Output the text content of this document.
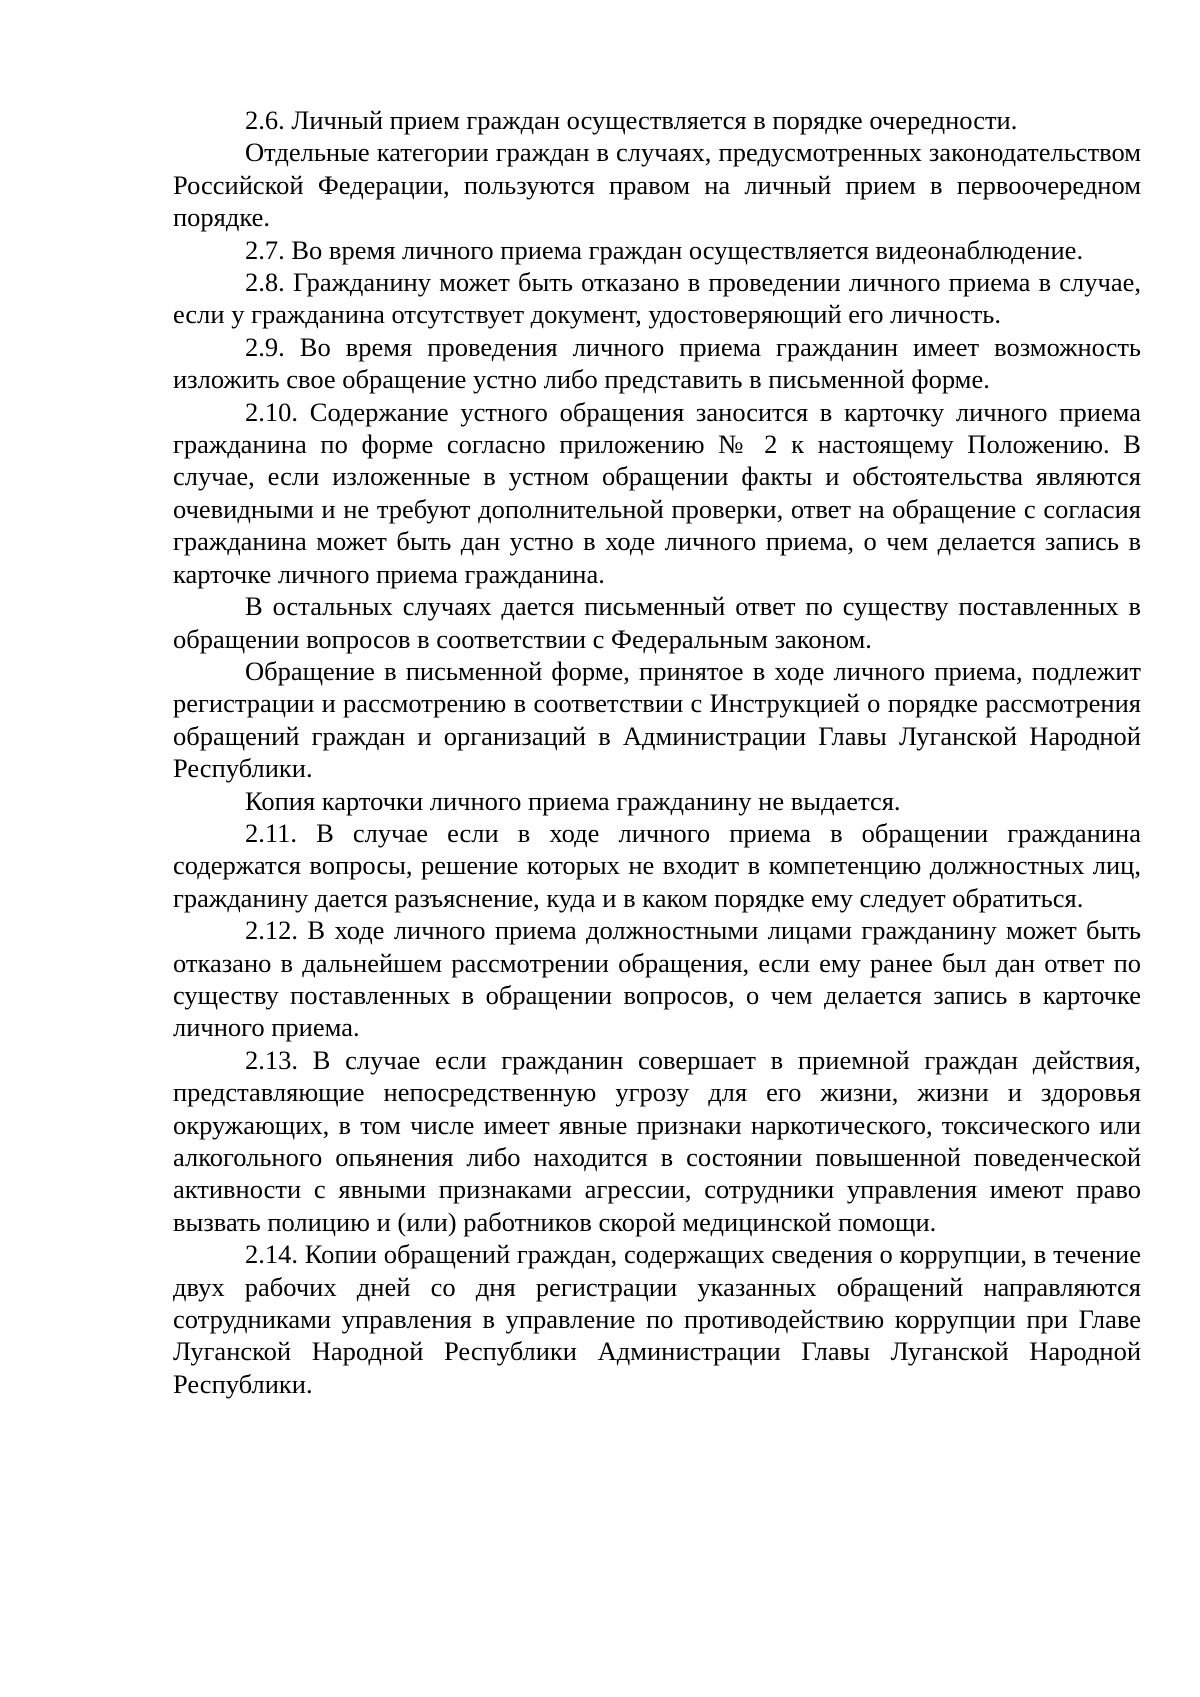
2.6. Личный прием граждан осуществляется в порядке очередности.

Отдельные категории граждан в случаях, предусмотренных законодательством Российской Федерации, пользуются правом на личный прием в первоочередном порядке.

2.7. Во время личного приема граждан осуществляется видеонаблюдение.

2.8. Гражданину может быть отказано в проведении личного приема в случае, если у гражданина отсутствует документ, удостоверяющий его личность.

2.9. Во время проведения личного приема гражданин имеет возможность изложить свое обращение устно либо представить в письменной форме.

2.10. Содержание устного обращения заносится в карточку личного приема гражданина по форме согласно приложению № 2 к настоящему Положению. В случае, если изложенные в устном обращении факты и обстоятельства являются очевидными и не требуют дополнительной проверки, ответ на обращение с согласия гражданина может быть дан устно в ходе личного приема, о чем делается запись в карточке личного приема гражданина.

В остальных случаях дается письменный ответ по существу поставленных в обращении вопросов в соответствии с Федеральным законом.

Обращение в письменной форме, принятое в ходе личного приема, подлежит регистрации и рассмотрению в соответствии с Инструкцией о порядке рассмотрения обращений граждан и организаций в Администрации Главы Луганской Народной Республики.

Копия карточки личного приема гражданину не выдается.

2.11. В случае если в ходе личного приема в обращении гражданина содержатся вопросы, решение которых не входит в компетенцию должностных лиц, гражданину дается разъяснение, куда и в каком порядке ему следует обратиться.

2.12. В ходе личного приема должностными лицами гражданину может быть отказано в дальнейшем рассмотрении обращения, если ему ранее был дан ответ по существу поставленных в обращении вопросов, о чем делается запись в карточке личного приема.

2.13. В случае если гражданин совершает в приемной граждан действия, представляющие непосредственную угрозу для его жизни, жизни и здоровья окружающих, в том числе имеет явные признаки наркотического, токсического или алкогольного опьянения либо находится в состоянии повышенной поведенческой активности с явными признаками агрессии, сотрудники управления имеют право вызвать полицию и (или) работников скорой медицинской помощи.

2.14. Копии обращений граждан, содержащих сведения о коррупции, в течение двух рабочих дней со дня регистрации указанных обращений направляются сотрудниками управления в управление по противодействию коррупции при Главе Луганской Народной Республики Администрации Главы Луганской Народной Республики.
